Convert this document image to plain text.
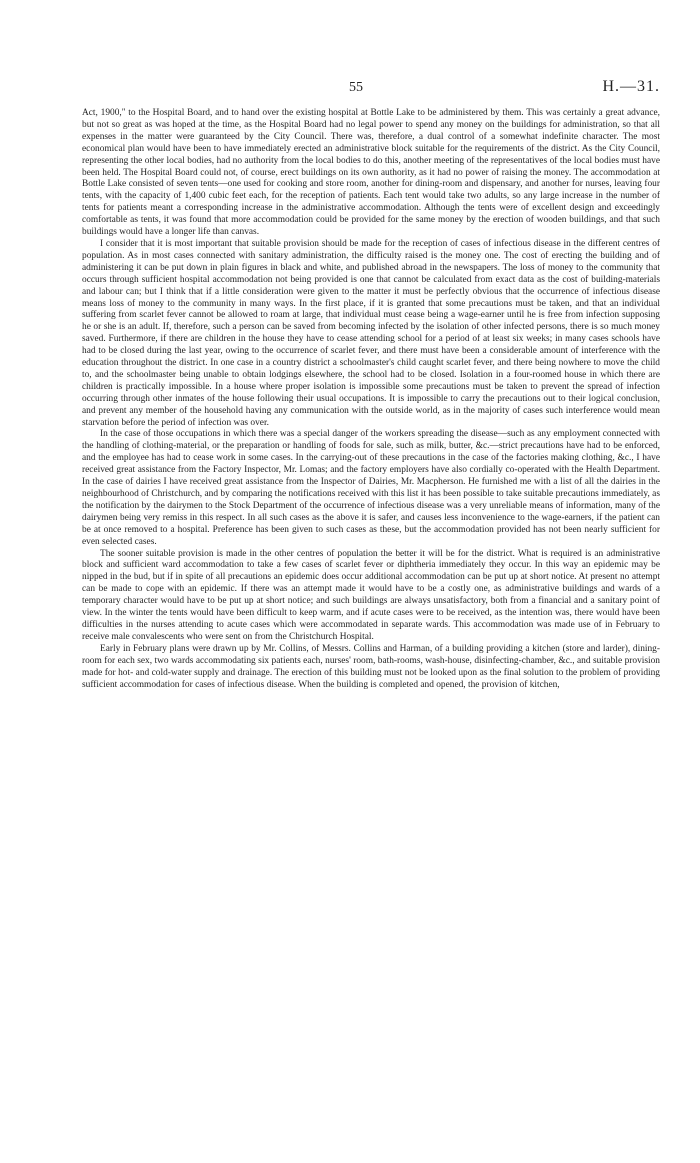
55	H.—31.

Act, 1900," to the Hospital Board, and to hand over the existing hospital at Bottle Lake to be administered by them. This was certainly a great advance, but not so great as was hoped at the time, as the Hospital Board had no legal power to spend any money on the buildings for administration, so that all expenses in the matter were guaranteed by the City Council. There was, therefore, a dual control of a somewhat indefinite character. The most economical plan would have been to have immediately erected an administrative block suitable for the requirements of the district. As the City Council, representing the other local bodies, had no authority from the local bodies to do this, another meeting of the representatives of the local bodies must have been held. The Hospital Board could not, of course, erect buildings on its own authority, as it had no power of raising the money. The accommodation at Bottle Lake consisted of seven tents—one used for cooking and store room, another for dining-room and dispensary, and another for nurses, leaving four tents, with the capacity of 1,400 cubic feet each, for the reception of patients. Each tent would take two adults, so any large increase in the number of tents for patients meant a corresponding increase in the administrative accommodation. Although the tents were of excellent design and exceedingly comfortable as tents, it was found that more accommodation could be provided for the same money by the erection of wooden buildings, and that such buildings would have a longer life than canvas.

I consider that it is most important that suitable provision should be made for the reception of cases of infectious disease in the different centres of population. As in most cases connected with sanitary administration, the difficulty raised is the money one. The cost of erecting the building and of administering it can be put down in plain figures in black and white, and published abroad in the newspapers. The loss of money to the community that occurs through sufficient hospital accommodation not being provided is one that cannot be calculated from exact data as the cost of building-materials and labour can; but I think that if a little consideration were given to the matter it must be perfectly obvious that the occurrence of infectious disease means loss of money to the community in many ways. In the first place, if it is granted that some precautions must be taken, and that an individual suffering from scarlet fever cannot be allowed to roam at large, that individual must cease being a wage-earner until he is free from infection supposing he or she is an adult. If, therefore, such a person can be saved from becoming infected by the isolation of other infected persons, there is so much money saved. Furthermore, if there are children in the house they have to cease attending school for a period of at least six weeks; in many cases schools have had to be closed during the last year, owing to the occurrence of scarlet fever, and there must have been a considerable amount of interference with the education throughout the district. In one case in a country district a schoolmaster's child caught scarlet fever, and there being nowhere to move the child to, and the schoolmaster being unable to obtain lodgings elsewhere, the school had to be closed. Isolation in a four-roomed house in which there are children is practically impossible. In a house where proper isolation is impossible some precautions must be taken to prevent the spread of infection occurring through other inmates of the house following their usual occupations. It is impossible to carry the precautions out to their logical conclusion, and prevent any member of the household having any communication with the outside world, as in the majority of cases such interference would mean starvation before the period of infection was over.

In the case of those occupations in which there was a special danger of the workers spreading the disease—such as any employment connected with the handling of clothing-material, or the preparation or handling of foods for sale, such as milk, butter, &c.—strict precautions have had to be enforced, and the employee has had to cease work in some cases. In the carrying-out of these precautions in the case of the factories making clothing, &c., I have received great assistance from the Factory Inspector, Mr. Lomas; and the factory employers have also cordially co-operated with the Health Department. In the case of dairies I have received great assistance from the Inspector of Dairies, Mr. Macpherson. He furnished me with a list of all the dairies in the neighbourhood of Christchurch, and by comparing the notifications received with this list it has been possible to take suitable precautions immediately, as the notification by the dairymen to the Stock Department of the occurrence of infectious disease was a very unreliable means of information, many of the dairymen being very remiss in this respect. In all such cases as the above it is safer, and causes less inconvenience to the wage-earners, if the patient can be at once removed to a hospital. Preference has been given to such cases as these, but the accommodation provided has not been nearly sufficient for even selected cases.

The sooner suitable provision is made in the other centres of population the better it will be for the district. What is required is an administrative block and sufficient ward accommodation to take a few cases of scarlet fever or diphtheria immediately they occur. In this way an epidemic may be nipped in the bud, but if in spite of all precautions an epidemic does occur additional accommodation can be put up at short notice. At present no attempt can be made to cope with an epidemic. If there was an attempt made it would have to be a costly one, as administrative buildings and wards of a temporary character would have to be put up at short notice; and such buildings are always unsatisfactory, both from a financial and a sanitary point of view. In the winter the tents would have been difficult to keep warm, and if acute cases were to be received, as the intention was, there would have been difficulties in the nurses attending to acute cases which were accommodated in separate wards. This accommodation was made use of in February to receive male convalescents who were sent on from the Christchurch Hospital.

Early in February plans were drawn up by Mr. Collins, of Messrs. Collins and Harman, of a building providing a kitchen (store and larder), dining-room for each sex, two wards accommodating six patients each, nurses' room, bath-rooms, wash-house, disinfecting-chamber, &c., and suitable provision made for hot- and cold-water supply and drainage. The erection of this building must not be looked upon as the final solution to the problem of providing sufficient accommodation for cases of infectious disease. When the building is completed and opened, the provision of kitchen,
